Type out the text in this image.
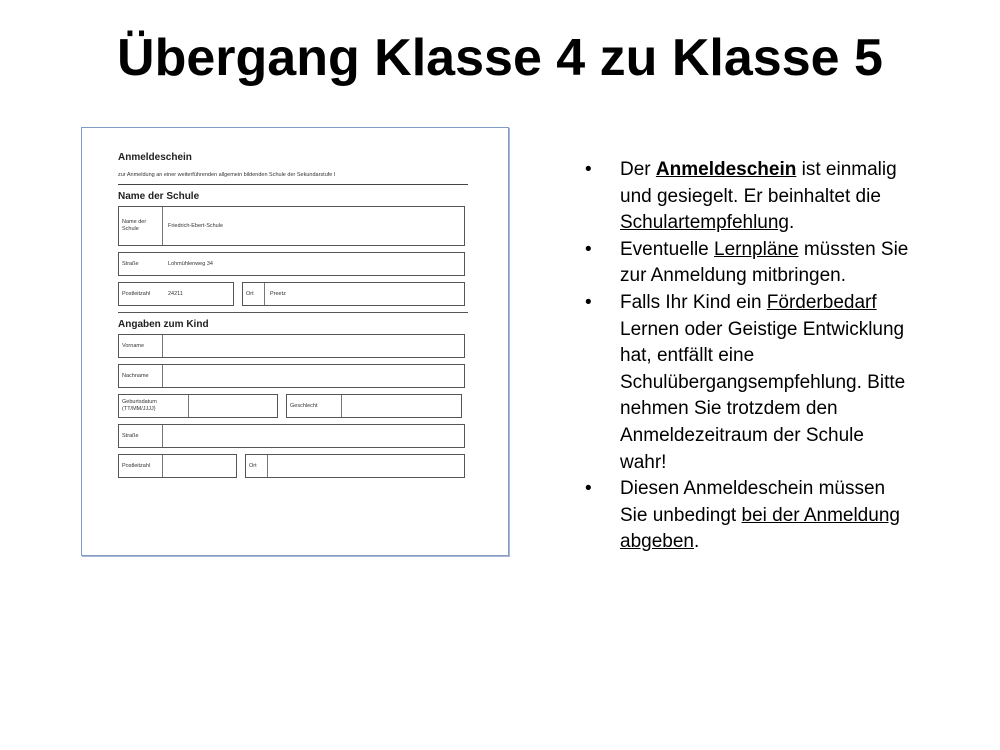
Übergang Klasse 4 zu Klasse 5
Anmeldeschein
zur Anmeldung an einer weiterführenden allgemein bildenden Schule der Sekundarstufe I
Name der Schule
Name der Schule	Friedrich-Ebert-Schule
Straße	Lohmühlenweg 34
Postleitzahl	24211	Ort	Preetz
Angaben zum Kind
Vorname
Nachname
Geburtsdatum (TT/MM/JJJJ)
Geschlecht
Straße
Postleitzahl	Ort
• Der Anmeldeschein ist einmalig und gesiegelt. Er beinhaltet die Schulartempfehlung.
• Eventuelle Lernpläne müssten Sie zur Anmeldung mitbringen.
• Falls Ihr Kind ein Förderbedarf Lernen oder Geistige Entwicklung hat, entfällt eine Schulübergangsempfehlung. Bitte nehmen Sie trotzdem den Anmeldezeitraum der Schule wahr!
• Diesen Anmeldeschein müssen Sie unbedingt bei der Anmeldung abgeben.
